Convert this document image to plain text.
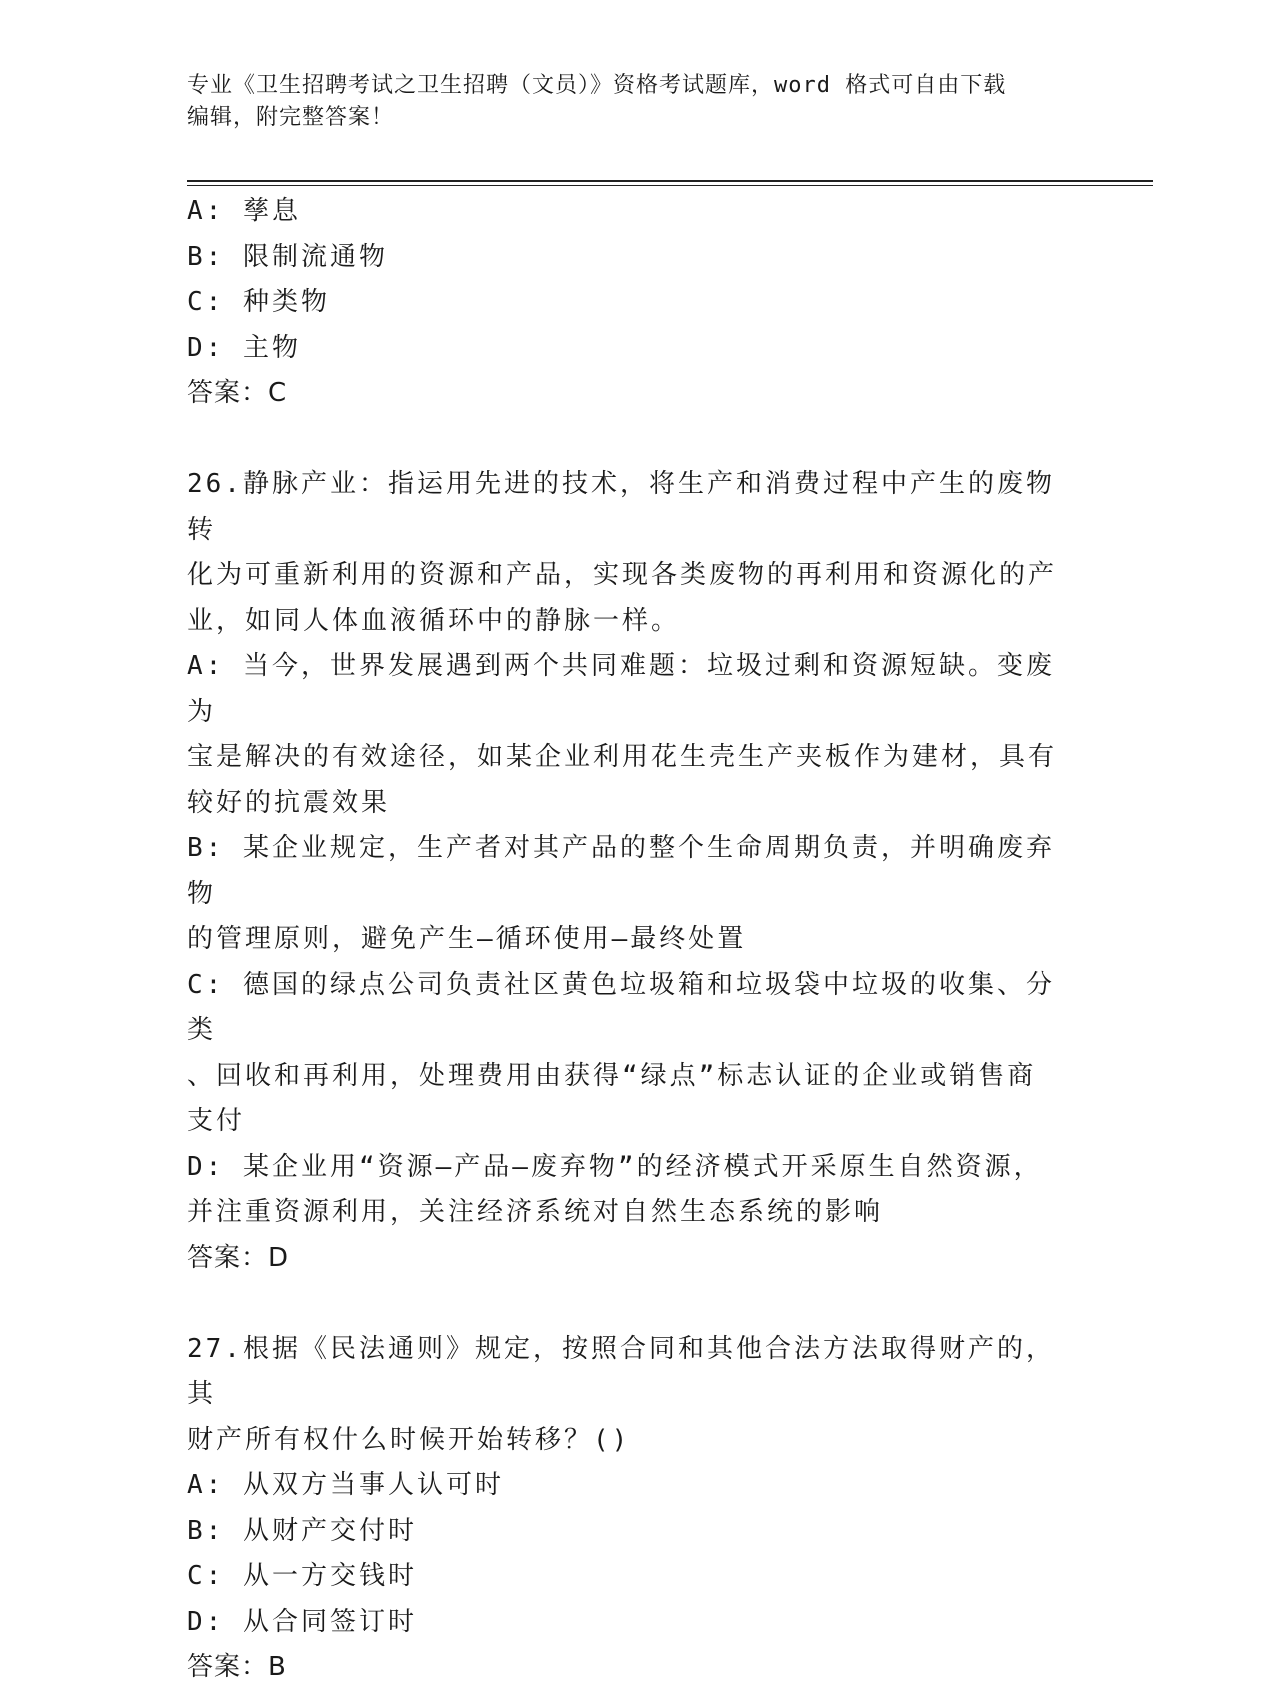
专业《卫生招聘考试之卫生招聘（文员）》资格考试题库，word 格式可自由下载
编辑，附完整答案！
A: 孳息
B: 限制流通物
C: 种类物
D: 主物
答案：C
26.静脉产业：指运用先进的技术，将生产和消费过程中产生的废物转
化为可重新利用的资源和产品，实现各类废物的再利用和资源化的产
业，如同人体血液循环中的静脉一样。
A: 当今，世界发展遇到两个共同难题：垃圾过剩和资源短缺。变废为
宝是解决的有效途径，如某企业利用花生壳生产夹板作为建材，具有
较好的抗震效果
B: 某企业规定，生产者对其产品的整个生命周期负责，并明确废弃物
的管理原则，避免产生—循环使用—最终处置
C: 德国的绿点公司负责社区黄色垃圾箱和垃圾袋中垃圾的收集、分类
、回收和再利用，处理费用由获得“绿点”标志认证的企业或销售商
支付
D: 某企业用“资源—产品—废弃物”的经济模式开采原生自然资源，
并注重资源利用，关注经济系统对自然生态系统的影响
答案：D
27.根据《民法通则》规定，按照合同和其他合法方法取得财产的，其
财产所有权什么时候开始转移？()
A: 从双方当事人认可时
B: 从财产交付时
C: 从一方交钱时
D: 从合同签订时
答案：B
